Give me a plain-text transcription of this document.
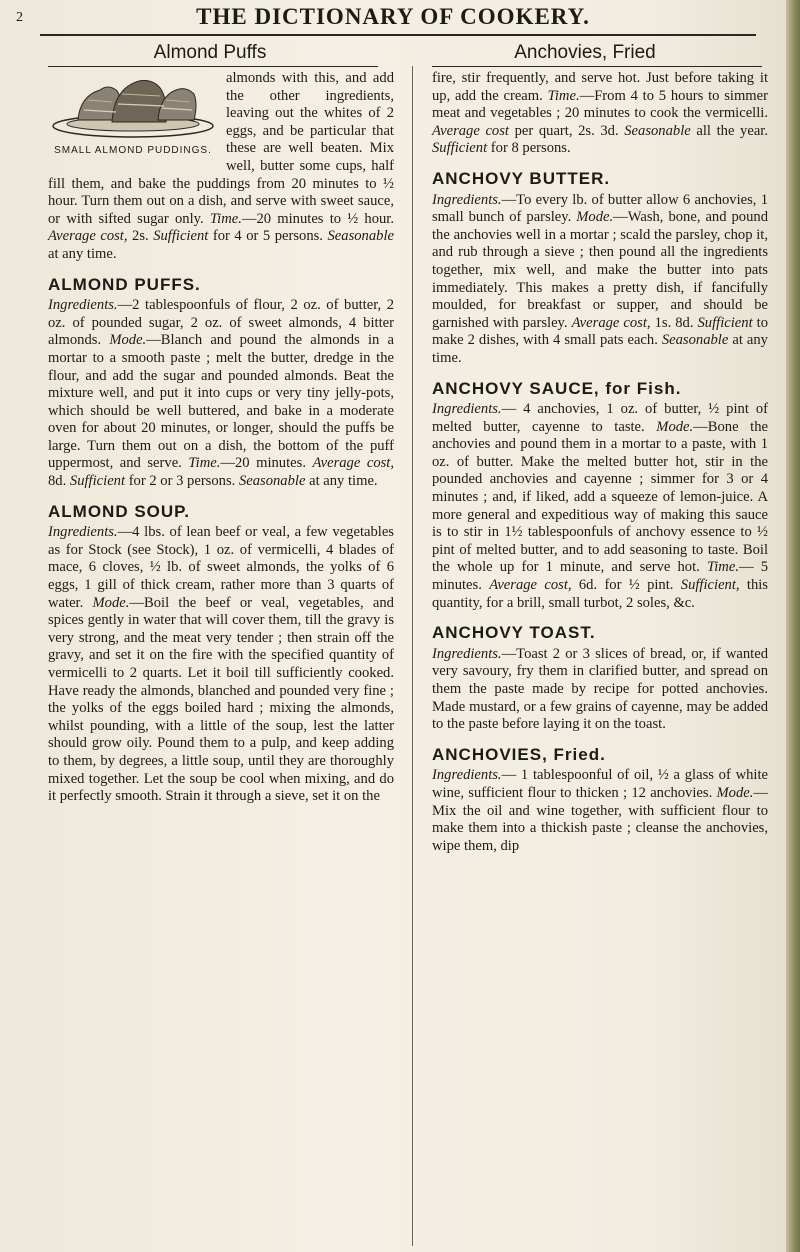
2	THE DICTIONARY OF COOKERY.
Almond Puffs	Anchovies, Fried
SMALL ALMOND PUDDINGS.

almonds with this, and add the other ingredients, leaving out the whites of 2 eggs, and be particular that these are well beaten. Mix well, butter some cups, half fill them, and bake the puddings from 20 minutes to ½ hour. Turn them out on a dish, and serve with sweet sauce, or with sifted sugar only. Time.—20 minutes to ½ hour. Average cost, 2s. Sufficient for 4 or 5 persons. Seasonable at any time.

ALMOND PUFFS.

Ingredients.—2 tablespoonfuls of flour, 2 oz. of butter, 2 oz. of pounded sugar, 2 oz. of sweet almonds, 4 bitter almonds. Mode.—Blanch and pound the almonds in a mortar to a smooth paste ; melt the butter, dredge in the flour, and add the sugar and pounded almonds. Beat the mixture well, and put it into cups or very tiny jelly-pots, which should be well buttered, and bake in a moderate oven for about 20 minutes, or longer, should the puffs be large. Turn them out on a dish, the bottom of the puff uppermost, and serve. Time.—20 minutes. Average cost, 8d. Sufficient for 2 or 3 persons. Seasonable at any time.

ALMOND SOUP.

Ingredients.—4 lbs. of lean beef or veal, a few vegetables as for Stock (see Stock), 1 oz. of vermicelli, 4 blades of mace, 6 cloves, ½ lb. of sweet almonds, the yolks of 6 eggs, 1 gill of thick cream, rather more than 3 quarts of water. Mode.—Boil the beef or veal, vegetables, and spices gently in water that will cover them, till the gravy is very strong, and the meat very tender ; then strain off the gravy, and set it on the fire with the specified quantity of vermicelli to 2 quarts. Let it boil till sufficiently cooked. Have ready the almonds, blanched and pounded very fine ; the yolks of the eggs boiled hard ; mixing the almonds, whilst pounding, with a little of the soup, lest the latter should grow oily. Pound them to a pulp, and keep adding to them, by degrees, a little soup, until they are thoroughly mixed together. Let the soup be cool when mixing, and do it perfectly smooth. Strain it through a sieve, set it on the

fire, stir frequently, and serve hot. Just before taking it up, add the cream. Time.—From 4 to 5 hours to simmer meat and vegetables ; 20 minutes to cook the vermicelli. Average cost per quart, 2s. 3d. Seasonable all the year. Sufficient for 8 persons.

ANCHOVY BUTTER.

Ingredients.—To every lb. of butter allow 6 anchovies, 1 small bunch of parsley. Mode.—Wash, bone, and pound the anchovies well in a mortar ; scald the parsley, chop it, and rub through a sieve ; then pound all the ingredients together, mix well, and make the butter into pats immediately. This makes a pretty dish, if fancifully moulded, for breakfast or supper, and should be garnished with parsley. Average cost, 1s. 8d. Sufficient to make 2 dishes, with 4 small pats each. Seasonable at any time.

ANCHOVY SAUCE, for Fish.

Ingredients.— 4 anchovies, 1 oz. of butter, ½ pint of melted butter, cayenne to taste. Mode.—Bone the anchovies and pound them in a mortar to a paste, with 1 oz. of butter. Make the melted butter hot, stir in the pounded anchovies and cayenne ; simmer for 3 or 4 minutes ; and, if liked, add a squeeze of lemon-juice. A more general and expeditious way of making this sauce is to stir in 1½ tablespoonfuls of anchovy essence to ½ pint of melted butter, and to add seasoning to taste. Boil the whole up for 1 minute, and serve hot. Time.— 5 minutes. Average cost, 6d. for ½ pint. Sufficient, this quantity, for a brill, small turbot, 2 soles, &c.

ANCHOVY TOAST.

Ingredients.—Toast 2 or 3 slices of bread, or, if wanted very savoury, fry them in clarified butter, and spread on them the paste made by recipe for potted anchovies. Made mustard, or a few grains of cayenne, may be added to the paste before laying it on the toast.

ANCHOVIES, Fried.

Ingredients.— 1 tablespoonful of oil, ½ a glass of white wine, sufficient flour to thicken ; 12 anchovies. Mode.—Mix the oil and wine together, with sufficient flour to make them into a thickish paste ; cleanse the anchovies, wipe them, dip
